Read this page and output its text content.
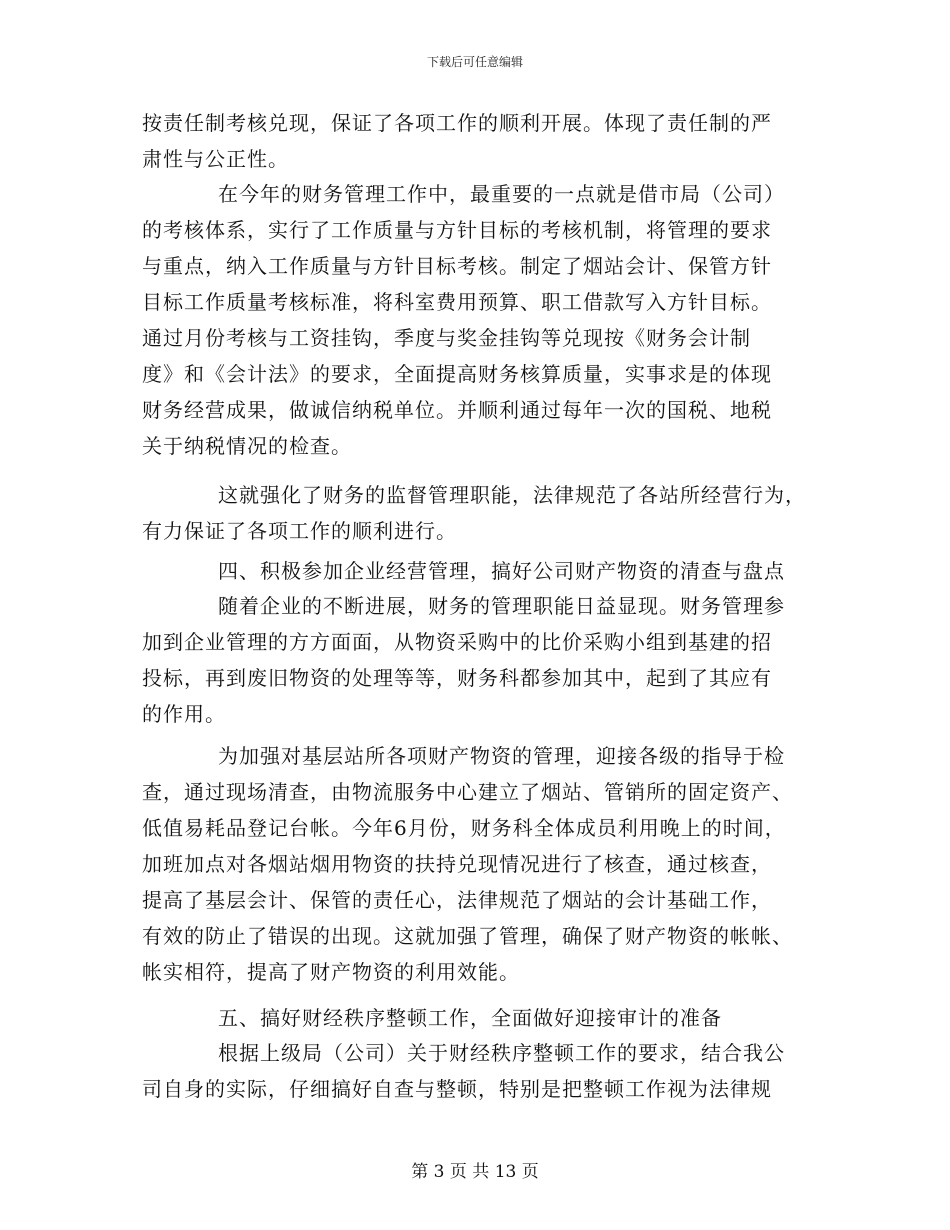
下载后可任意编辑
按责任制考核兑现，保证了各项工作的顺利开展。体现了责任制的严
肃性与公正性。
在今年的财务管理工作中，最重要的一点就是借市局（公司）
的考核体系，实行了工作质量与方针目标的考核机制，将管理的要求
与重点，纳入工作质量与方针目标考核。制定了烟站会计、保管方针
目标工作质量考核标准，将科室费用预算、职工借款写入方针目标。
通过月份考核与工资挂钩，季度与奖金挂钩等兑现按《财务会计制
度》和《会计法》的要求，全面提高财务核算质量，实事求是的体现
财务经营成果，做诚信纳税单位。并顺利通过每年一次的国税、地税
关于纳税情况的检查。
这就强化了财务的监督管理职能，法律规范了各站所经营行为，
有力保证了各项工作的顺利进行。
四、积极参加企业经营管理，搞好公司财产物资的清查与盘点
随着企业的不断进展，财务的管理职能日益显现。财务管理参
加到企业管理的方方面面，从物资采购中的比价采购小组到基建的招
投标，再到废旧物资的处理等等，财务科都参加其中，起到了其应有
的作用。
为加强对基层站所各项财产物资的管理，迎接各级的指导于检
查，通过现场清查，由物流服务中心建立了烟站、管销所的固定资产、
低值易耗品登记台帐。今年6月份，财务科全体成员利用晚上的时间，
加班加点对各烟站烟用物资的扶持兑现情况进行了核查，通过核查，
提高了基层会计、保管的责任心，法律规范了烟站的会计基础工作，
有效的防止了错误的出现。这就加强了管理，确保了财产物资的帐帐、
帐实相符，提高了财产物资的利用效能。
五、搞好财经秩序整顿工作，全面做好迎接审计的准备
根据上级局（公司）关于财经秩序整顿工作的要求，结合我公
司自身的实际，仔细搞好自查与整顿，特别是把整顿工作视为法律规
第 3 页 共 13 页
